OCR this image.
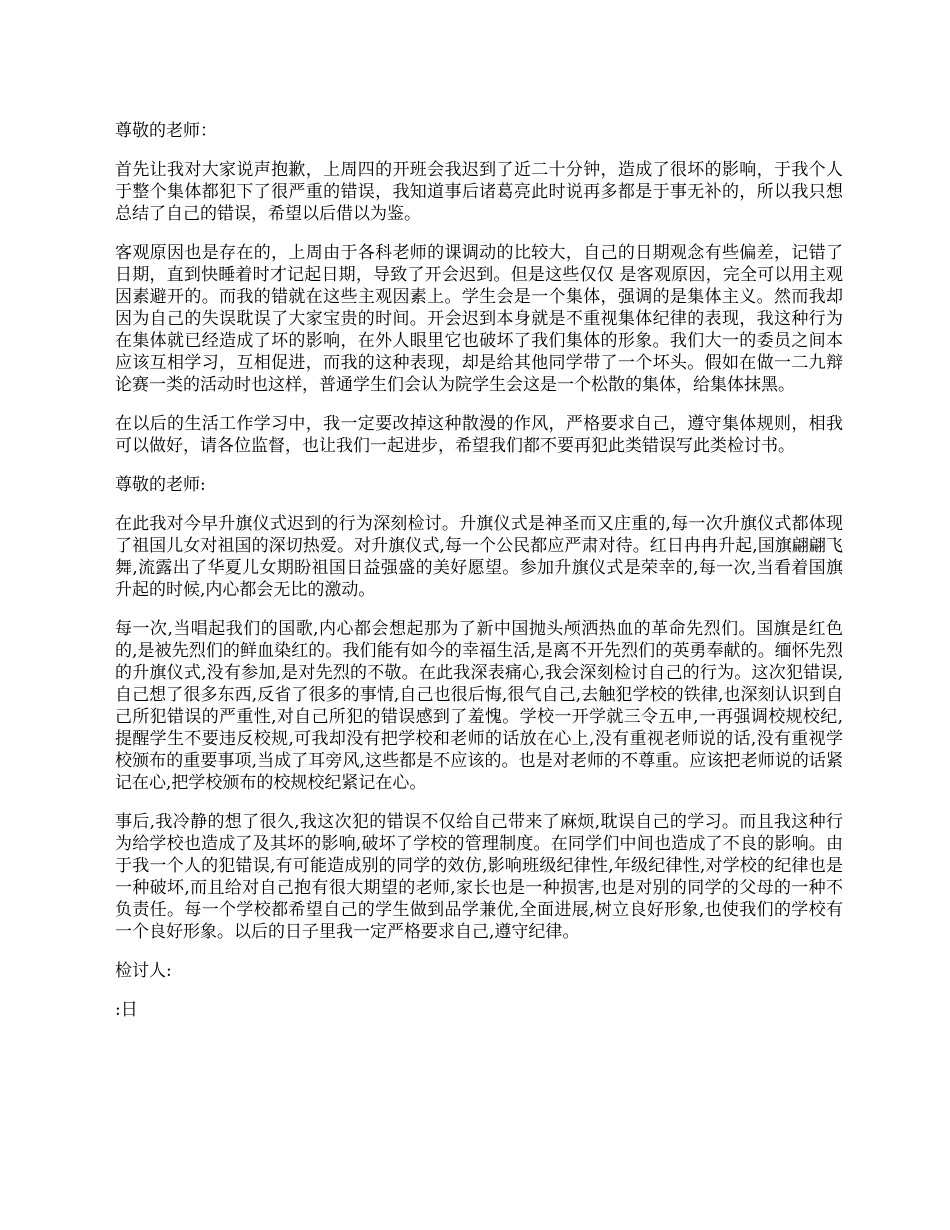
尊敬的老师：

首先让我对大家说声抱歉，上周四的开班会我迟到了近二十分钟，造成了很坏的影响，于我个人于整个集体都犯下了很严重的错误，我知道事后诸葛亮此时说再多都是于事无补的，所以我只想总结了自己的错误，希望以后借以为鉴。

客观原因也是存在的，上周由于各科老师的课调动的比较大，自己的日期观念有些偏差，记错了日期，直到快睡着时才记起日期，导致了开会迟到。但是这些仅仅 是客观原因，完全可以用主观因素避开的。而我的错就在这些主观因素上。学生会是一个集体，强调的是集体主义。然而我却因为自己的失误耽误了大家宝贵的时间。开会迟到本身就是不重视集体纪律的表现，我这种行为在集体就已经造成了坏的影响，在外人眼里它也破坏了我们集体的形象。我们大一的委员之间本应该互相学习，互相促进，而我的这种表现，却是给其他同学带了一个坏头。假如在做一二九辩论赛一类的活动时也这样，普通学生们会认为院学生会这是一个松散的集体，给集体抹黑。

在以后的生活工作学习中，我一定要改掉这种散漫的作风，严格要求自己，遵守集体规则，相我可以做好，请各位监督，也让我们一起进步，希望我们都不要再犯此类错误写此类检讨书。

尊敬的老师:

在此我对今早升旗仪式迟到的行为深刻检讨。升旗仪式是神圣而又庄重的,每一次升旗仪式都体现了祖国儿女对祖国的深切热爱。对升旗仪式,每一个公民都应严肃对待。红日冉冉升起,国旗翩翩飞舞,流露出了华夏儿女期盼祖国日益强盛的美好愿望。参加升旗仪式是荣幸的,每一次,当看着国旗升起的时候,内心都会无比的激动。

每一次,当唱起我们的国歌,内心都会想起那为了新中国抛头颅洒热血的革命先烈们。国旗是红色的,是被先烈们的鲜血染红的。我们能有如今的幸福生活,是离不开先烈们的英勇奉献的。缅怀先烈的升旗仪式,没有参加,是对先烈的不敬。在此我深表痛心,我会深刻检讨自己的行为。这次犯错误,自己想了很多东西,反省了很多的事情,自己也很后悔,很气自己,去触犯学校的铁律,也深刻认识到自己所犯错误的严重性,对自己所犯的错误感到了羞愧。学校一开学就三令五申,一再强调校规校纪,提醒学生不要违反校规,可我却没有把学校和老师的话放在心上,没有重视老师说的话,没有重视学校颁布的重要事项,当成了耳旁风,这些都是不应该的。也是对老师的不尊重。应该把老师说的话紧记在心,把学校颁布的校规校纪紧记在心。

事后,我冷静的想了很久,我这次犯的错误不仅给自己带来了麻烦,耽误自己的学习。而且我这种行为给学校也造成了及其坏的影响,破坏了学校的管理制度。在同学们中间也造成了不良的影响。由于我一个人的犯错误,有可能造成别的同学的效仿,影响班级纪律性,年级纪律性,对学校的纪律也是一种破坏,而且给对自己抱有很大期望的老师,家长也是一种损害,也是对别的同学的父母的一种不负责任。每一个学校都希望自己的学生做到品学兼优,全面进展,树立良好形象,也使我们的学校有一个良好形象。以后的日子里我一定严格要求自己,遵守纪律。

检讨人:

:日
